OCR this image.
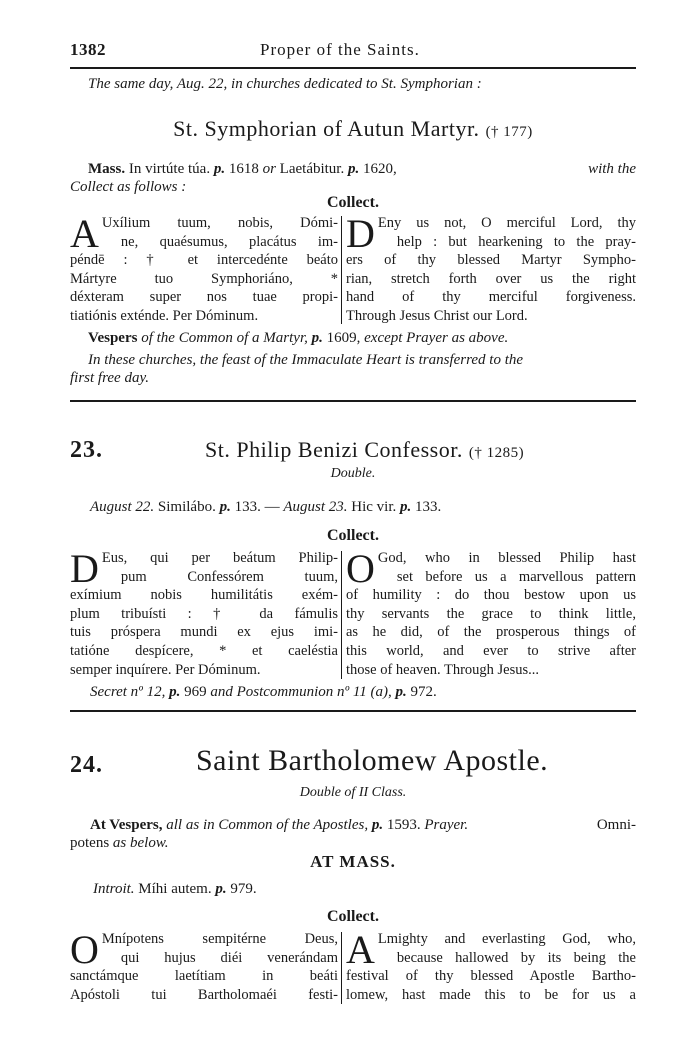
1382	Proper of the Saints.
The same day, Aug. 22, in churches dedicated to St. Symphorian :
St. Symphorian of Autun Martyr. († 177)
Mass. In virtúte túa. p. 1618 or Laetábitur. p. 1620,	with the
Collect as follows :
Collect.
A Uxílium tuum, nobis, Dómi-
ne, quaésumus, placátus im-
péndē : † et intercedénte beáto
Mártyre tuo Symphoriáno, *
déxteram super nos tuae propi-
tiatiónis exténde. Per Dóminum.
D Eny us not, O merciful Lord, thy
help : but hearkening to the pray-
ers of thy blessed Martyr Sympho-
rian, stretch forth over us the right
hand of thy merciful forgiveness.
Through Jesus Christ our Lord.
Vespers of the Common of a Martyr, p. 1609, except Prayer as above.
In these churches, the feast of the Immaculate Heart is transferred to the
first free day.
23.	St. Philip Benizi Confessor. († 1285)
Double.
August 22. Similábo. p. 133. — August 23. Hic vir. p. 133.
Collect.
D Eus, qui per beátum Philip-
pum Confessórem tuum,
exímium nobis humilitátis exém-
plum tribuísti : † da fámulis
tuis próspera mundi ex ejus imi-
tatióne despícere, * et caeléstia
semper inquírere. Per Dóminum.
O God, who in blessed Philip hast
set before us a marvellous pattern
of humility : do thou bestow upon us
thy servants the grace to think little,
as he did, of the prosperous things of
this world, and ever to strive after
those of heaven. Through Jesus...
Secret nº 12, p. 969 and Postcommunion nº 11 (a), p. 972.
24.	Saint Bartholomew Apostle.
Double of II Class.
At Vespers, all as in Common of the Apostles, p. 1593. Prayer.	Omni-
potens as below.
AT MASS.
Introit. Míhi autem. p. 979.
Collect.
O Mnípotens sempitérne Deus,
qui hujus diéi venerándam
sanctámque laetítiam in beáti
Apóstoli tui Bartholomaéi festi-
A Lmighty and everlasting God, who,
because hallowed by its being the
festival of thy blessed Apostle Bartho-
lomew, hast made this to be for us a
